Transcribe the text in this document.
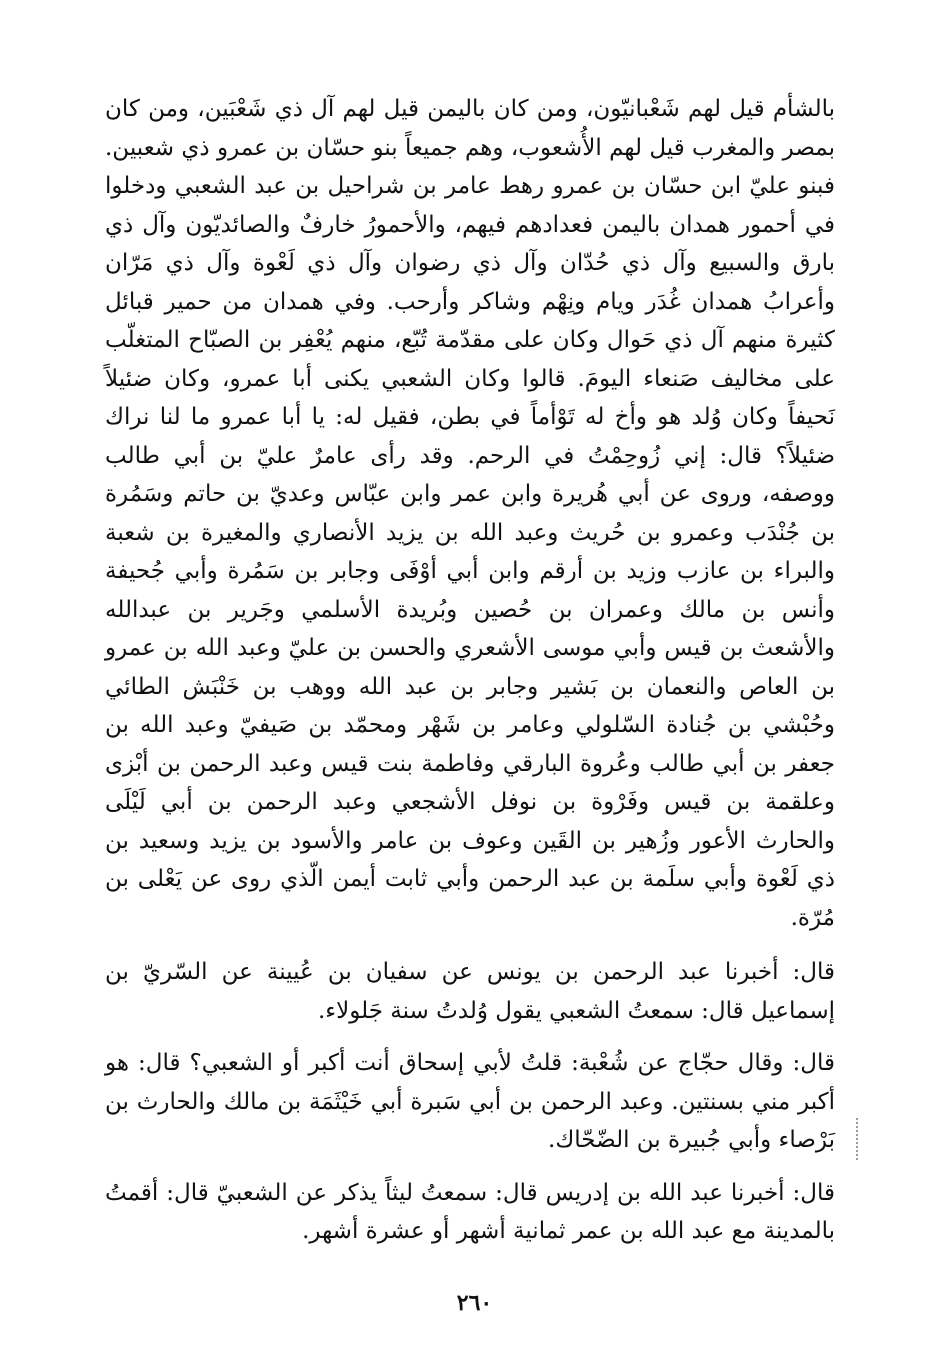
بالشأم قيل لهم شَعْبانيّون، ومن كان باليمن قيل لهم آل ذي شَعْبَين، ومن كان بمصر والمغرب قيل لهم الأُشعوب، وهم جميعاً بنو حسّان بن عمرو ذي شعبين. فبنو عليّ ابن حسّان بن عمرو رهط عامر بن شراحيل بن عبد الشعبي ودخلوا في أحمور همدان باليمن فعدادهم فيهم، والأحمورُ خارفٌ والصائديّون وآل ذي بارق والسبيع وآل ذي حُدّان وآل ذي رضوان وآل ذي لَعْوة وآل ذي مَرّان وأعرابُ همدان غُدَر ويام ونِهْم وشاكر وأرحب. وفي همدان من حمير قبائل كثيرة منهم آل ذي حَوال وكان على مقدّمة تُبّع، منهم يُعْفِر بن الصبّاح المتغلّب على مخاليف صَنعاء اليومَ. قالوا وكان الشعبي يكنى أبا عمرو، وكان ضئيلاً نَحيفاً وكان وُلد هو وأخ له تَوْأماً في بطن، فقيل له: يا أبا عمرو ما لنا نراك ضئيلاً؟ قال: إني زُوحِمْتُ في الرحم. وقد رأى عامرٌ عليّ بن أبي طالب ووصفه، وروى عن أبي هُريرة وابن عمر وابن عبّاس وعديّ بن حاتم وسَمُرة بن جُنْدَب وعمرو بن حُريث وعبد الله بن يزيد الأنصاري والمغيرة بن شعبة والبراء بن عازب وزيد بن أرقم وابن أبي أوْفَى وجابر بن سَمُرة وأبي جُحيفة وأنس بن مالك وعمران بن حُصين وبُريدة الأسلمي وجَرير بن عبدالله والأشعث بن قيس وأبي موسى الأشعري والحسن بن عليّ وعبد الله بن عمرو بن العاص والنعمان بن بَشير وجابر بن عبد الله ووهب بن خَنْبَش الطائي وحُبْشي بن جُنادة السّلولي وعامر بن شَهْر ومحمّد بن صَيفيّ وعبد الله بن جعفر بن أبي طالب وعُروة البارقي وفاطمة بنت قيس وعبد الرحمن بن أبْزى وعلقمة بن قيس وفَرْوة بن نوفل الأشجعي وعبد الرحمن بن أبي لَيْلَى والحارث الأعور وزُهير بن القَين وعوف بن عامر والأسود بن يزيد وسعيد بن ذي لَعْوة وأبي سلَمة بن عبد الرحمن وأبي ثابت أيمن الّذي روى عن يَعْلى بن مُرّة.

قال: أخبرنا عبد الرحمن بن يونس عن سفيان بن عُيينة عن السّريّ بن إسماعيل قال: سمعتُ الشعبي يقول وُلدتُ سنة جَلولاء.

قال: وقال حجّاج عن شُعْبة: قلتُ لأبي إسحاق أنت أكبر أو الشعبي؟ قال: هو أكبر مني بسنتين. وعبد الرحمن بن أبي سَبرة أبي خَيْثَمَة بن مالك والحارث بن بَرْصاء وأبي جُبيرة بن الضّحّاك.

قال: أخبرنا عبد الله بن إدريس قال: سمعتُ ليثاً يذكر عن الشعبيّ قال: أقمتُ بالمدينة مع عبد الله بن عمر ثمانية أشهر أو عشرة أشهر.

٢٦٠
